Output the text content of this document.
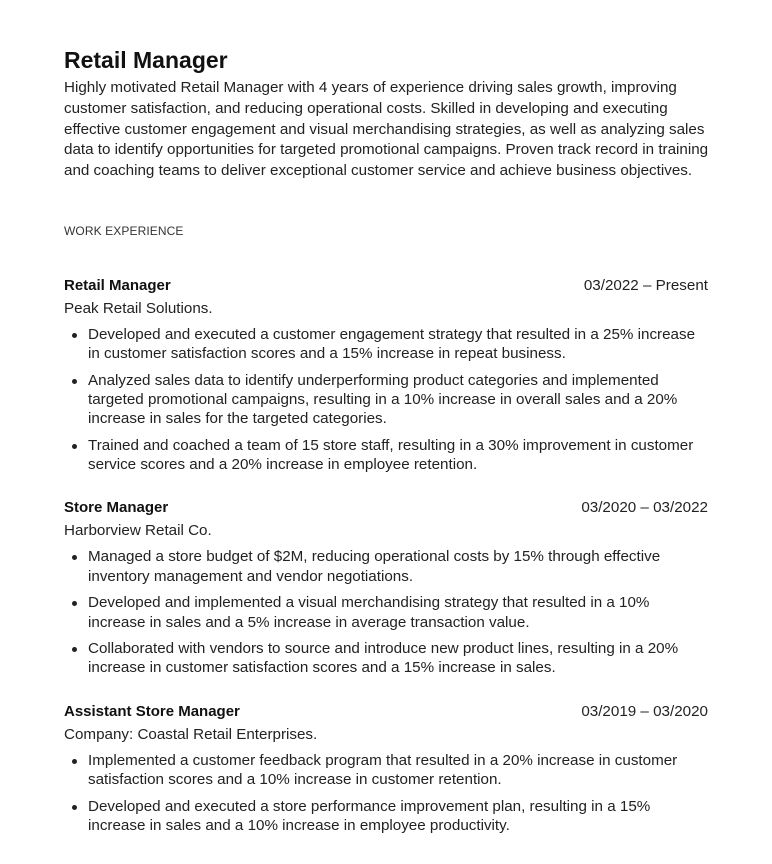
Retail Manager

Highly motivated Retail Manager with 4 years of experience driving sales growth, improving customer satisfaction, and reducing operational costs. Skilled in developing and executing effective customer engagement and visual merchandising strategies, as well as analyzing sales data to identify opportunities for targeted promotional campaigns. Proven track record in training and coaching teams to deliver exceptional customer service and achieve business objectives.

WORK EXPERIENCE
Retail Manager	03/2022 – Present
Peak Retail Solutions.
Developed and executed a customer engagement strategy that resulted in a 25% increase in customer satisfaction scores and a 15% increase in repeat business.
Analyzed sales data to identify underperforming product categories and implemented targeted promotional campaigns, resulting in a 10% increase in overall sales and a 20% increase in sales for the targeted categories.
Trained and coached a team of 15 store staff, resulting in a 30% improvement in customer service scores and a 20% increase in employee retention.
Store Manager	03/2020 – 03/2022
Harborview Retail Co.
Managed a store budget of $2M, reducing operational costs by 15% through effective inventory management and vendor negotiations.
Developed and implemented a visual merchandising strategy that resulted in a 10% increase in sales and a 5% increase in average transaction value.
Collaborated with vendors to source and introduce new product lines, resulting in a 20% increase in customer satisfaction scores and a 15% increase in sales.
Assistant Store Manager	03/2019 – 03/2020
Company: Coastal Retail Enterprises.
Implemented a customer feedback program that resulted in a 20% increase in customer satisfaction scores and a 10% increase in customer retention.
Developed and executed a store performance improvement plan, resulting in a 15% increase in sales and a 10% increase in employee productivity.
